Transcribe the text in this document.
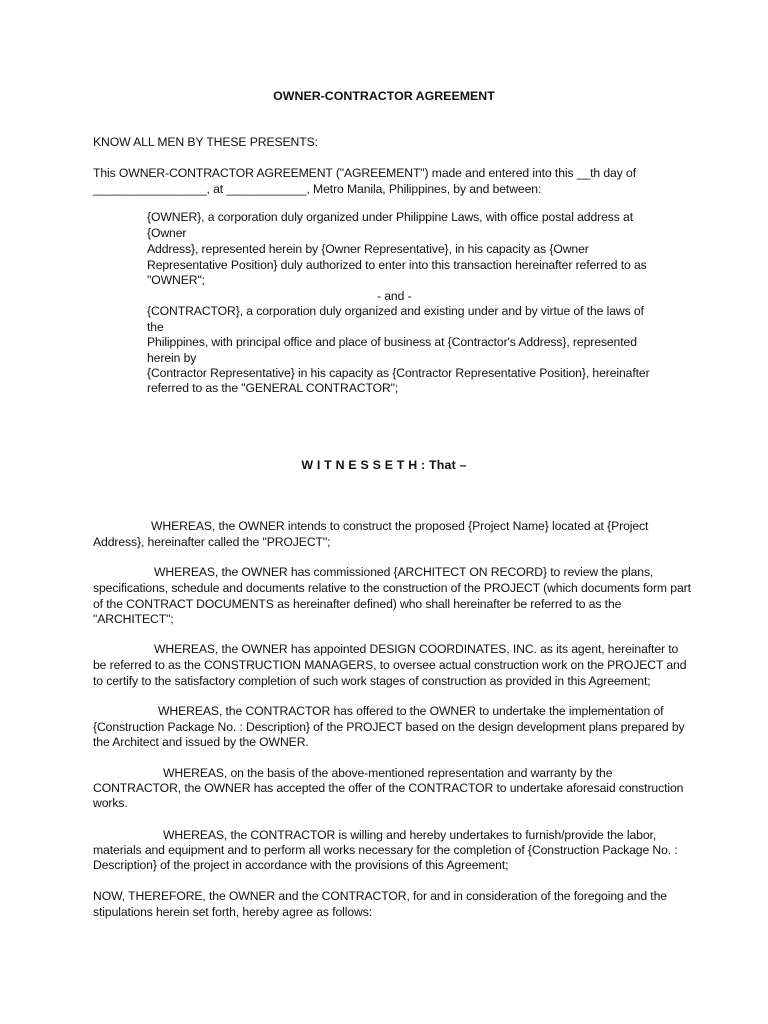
OWNER-CONTRACTOR AGREEMENT
KNOW ALL MEN BY THESE PRESENTS:
This OWNER-CONTRACTOR AGREEMENT ("AGREEMENT") made and entered into this __th day of
_________________, at ____________, Metro Manila, Philippines, by and between:
{OWNER}, a corporation duly organized under Philippine Laws, with office postal address at
{Owner
Address}, represented herein by {Owner Representative}, in his capacity as {Owner
Representative Position} duly authorized to enter into this transaction hereinafter referred to as
"OWNER";
- and -
{CONTRACTOR}, a corporation duly organized and existing under and by virtue of the laws of
the
Philippines, with principal office and place of business at {Contractor's Address}, represented
herein by
{Contractor Representative} in his capacity as {Contractor Representative Position}, hereinafter
referred to as the "GENERAL CONTRACTOR";
W I T N E S S E T H : That –
WHEREAS, the OWNER intends to construct the proposed {Project Name} located at {Project
Address}, hereinafter called the "PROJECT";
WHEREAS, the OWNER has commissioned {ARCHITECT ON RECORD} to review the plans,
specifications, schedule and documents relative to the construction of the PROJECT (which documents form part
of the CONTRACT DOCUMENTS as hereinafter defined) who shall hereinafter be referred to as the
"ARCHITECT";
WHEREAS, the OWNER has appointed DESIGN COORDINATES, INC. as its agent, hereinafter to
be referred to as the CONSTRUCTION MANAGERS, to oversee actual construction work on the PROJECT and
to certify to the satisfactory completion of such work stages of construction as provided in this Agreement;
WHEREAS, the CONTRACTOR has offered to the OWNER to undertake the implementation of
{Construction Package No. : Description} of the PROJECT based on the design development plans prepared by
the Architect and issued by the OWNER.
WHEREAS, on the basis of the above-mentioned representation and warranty by the
CONTRACTOR, the OWNER has accepted the offer of the CONTRACTOR to undertake aforesaid construction
works.
WHEREAS, the CONTRACTOR is willing and hereby undertakes to furnish/provide the labor,
materials and equipment and to perform all works necessary for the completion of {Construction Package No. :
Description} of the project in accordance with the provisions of this Agreement;
NOW, THEREFORE, the OWNER and the CONTRACTOR, for and in consideration of the foregoing and the
stipulations herein set forth, hereby agree as follows:
